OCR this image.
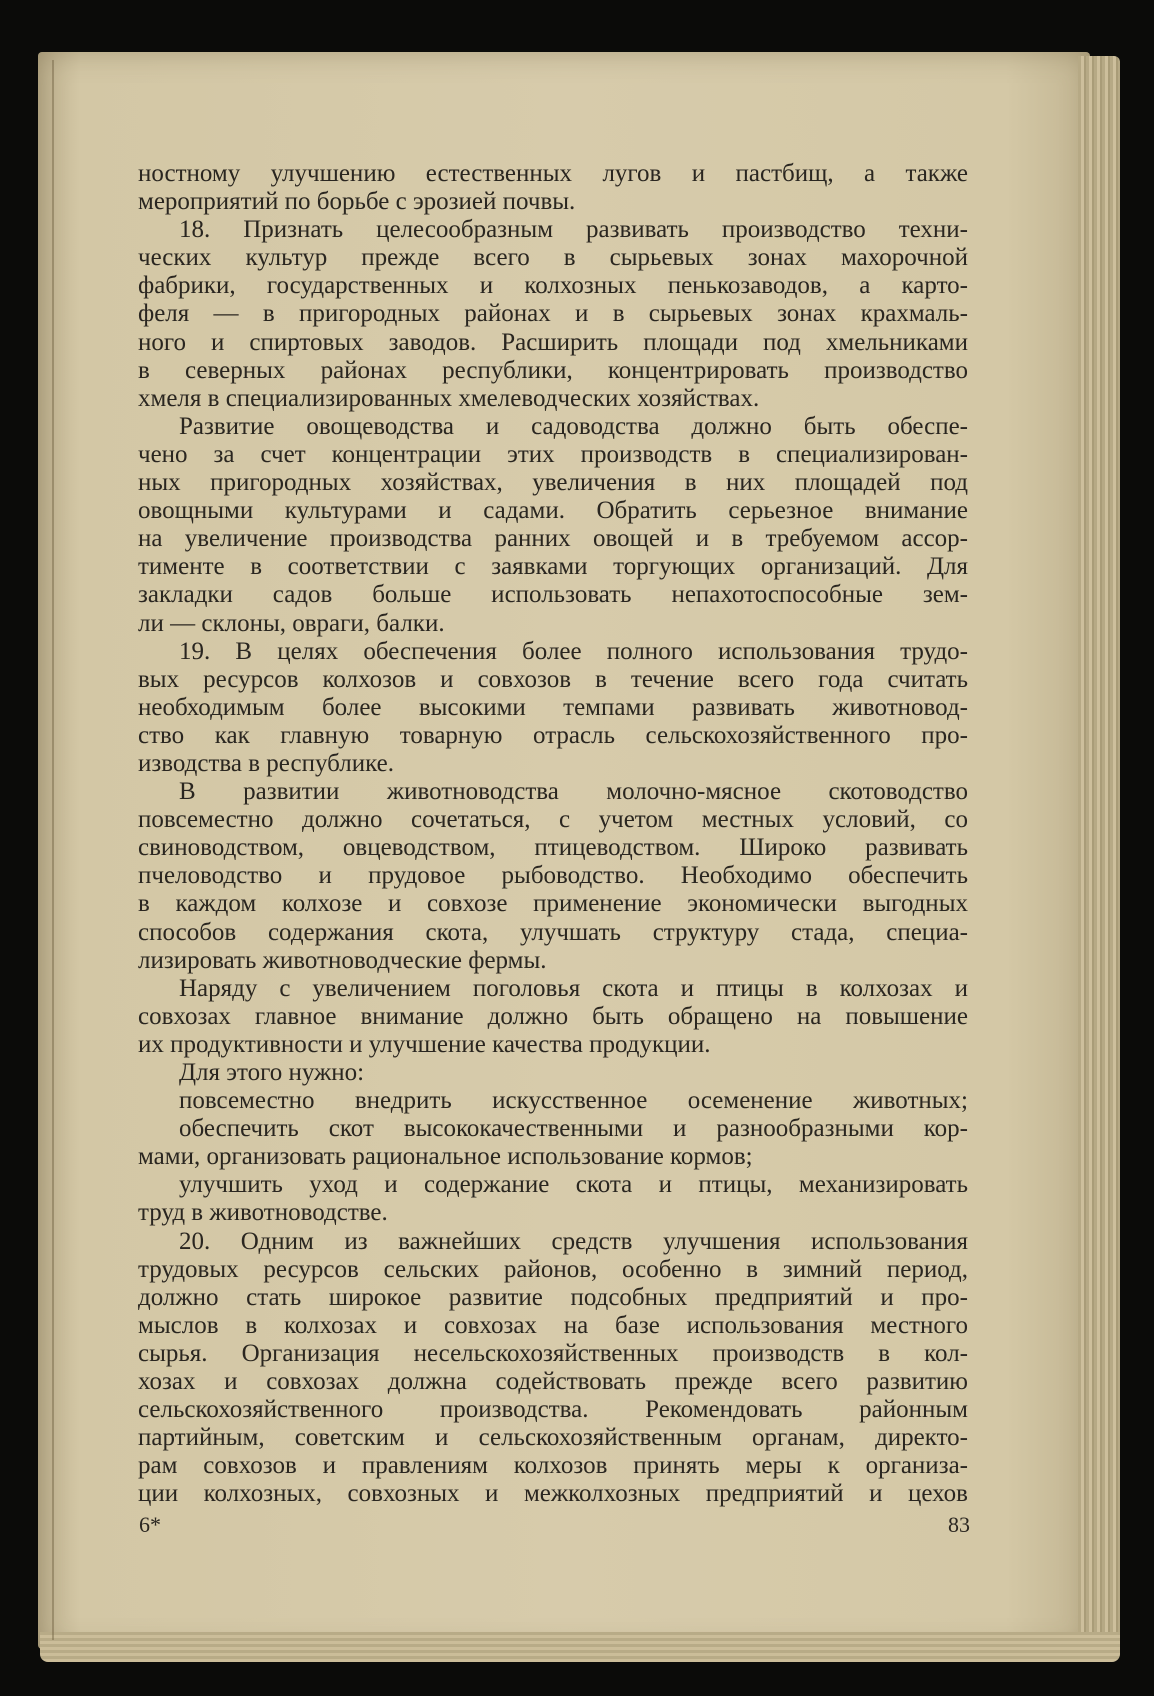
ностному улучшению естественных лугов и пастбищ, а также
мероприятий по борьбе с эрозией почвы.
18. Признать целесообразным развивать производство техни-
ческих культур прежде всего в сырьевых зонах махорочной
фабрики, государственных и колхозных пенькозаводов, а карто-
феля — в пригородных районах и в сырьевых зонах крахмаль-
ного и спиртовых заводов. Расширить площади под хмельниками
в северных районах республики, концентрировать производство
хмеля в специализированных хмелеводческих хозяйствах.
Развитие овощеводства и садоводства должно быть обеспе-
чено за счет концентрации этих производств в специализирован-
ных пригородных хозяйствах, увеличения в них площадей под
овощными культурами и садами. Обратить серьезное внимание
на увеличение производства ранних овощей и в требуемом ассор-
тименте в соответствии с заявками торгующих организаций. Для
закладки садов больше использовать непахотоспособные зем-
ли — склоны, овраги, балки.
19. В целях обеспечения более полного использования трудо-
вых ресурсов колхозов и совхозов в течение всего года считать
необходимым более высокими темпами развивать животновод-
ство как главную товарную отрасль сельскохозяйственного про-
изводства в республике.
В развитии животноводства молочно-мясное скотоводство
повсеместно должно сочетаться, с учетом местных условий, со
свиноводством, овцеводством, птицеводством. Широко развивать
пчеловодство и прудовое рыбоводство. Необходимо обеспечить
в каждом колхозе и совхозе применение экономически выгодных
способов содержания скота, улучшать структуру стада, специа-
лизировать животноводческие фермы.
Наряду с увеличением поголовья скота и птицы в колхозах и
совхозах главное внимание должно быть обращено на повышение
их продуктивности и улучшение качества продукции.
Для этого нужно:
повсеместно внедрить искусственное осеменение животных;
обеспечить скот высококачественными и разнообразными кор-
мами, организовать рациональное использование кормов;
улучшить уход и содержание скота и птицы, механизировать
труд в животноводстве.
20. Одним из важнейших средств улучшения использования
трудовых ресурсов сельских районов, особенно в зимний период,
должно стать широкое развитие подсобных предприятий и про-
мыслов в колхозах и совхозах на базе использования местного
сырья. Организация несельскохозяйственных производств в кол-
хозах и совхозах должна содействовать прежде всего развитию
сельскохозяйственного производства. Рекомендовать районным
партийным, советским и сельскохозяйственным органам, директо-
рам совхозов и правлениям колхозов принять меры к организа-
ции колхозных, совхозных и межколхозных предприятий и цехов
6*	83
